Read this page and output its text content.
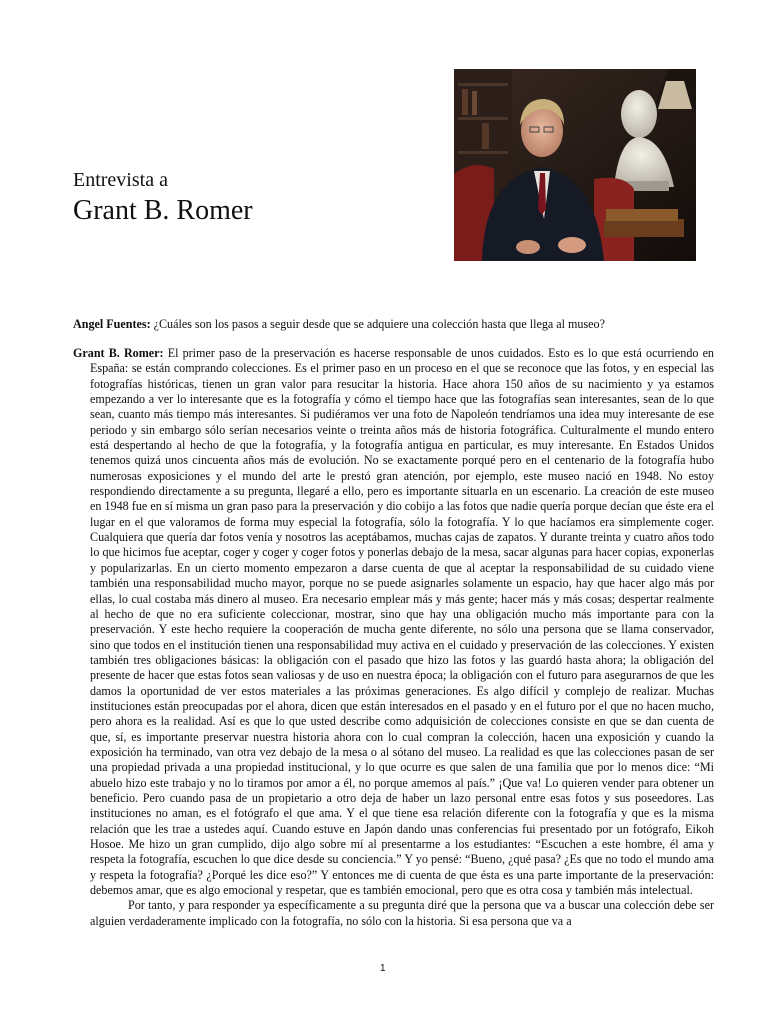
Entrevista a
Grant B. Romer

Angel Fuentes: ¿Cuáles son los pasos a seguir desde que se adquiere una colección hasta que llega al museo?

Grant B. Romer: El primer paso de la preservación es hacerse responsable de unos cuidados. Esto es lo que está ocurriendo en España: se están comprando colecciones. Es el primer paso en un proceso en el que se reconoce que las fotos, y en especial las fotografías históricas, tienen un gran valor para resucitar la historia. Hace ahora 150 años de su nacimiento y ya estamos empezando a ver lo interesante que es la fotografía y cómo el tiempo hace que las fotografías sean interesantes, sean de lo que sean, cuanto más tiempo más interesantes. Si pudiéramos ver una foto de Napoleón tendríamos una idea muy interesante de ese periodo y sin embargo sólo serían necesarios veinte o treinta años más de historia fotográfica. Culturalmente el mundo entero está despertando al hecho de que la fotografía, y la fotografía antigua en particular, es muy interesante. En Estados Unidos tenemos quizá unos cincuenta años más de evolución. No se exactamente porqué pero en el centenario de la fotografía hubo numerosas exposiciones y el mundo del arte le prestó gran atención, por ejemplo, este museo nació en 1948. No estoy respondiendo directamente a su pregunta, llegaré a ello, pero es importante situarla en un escenario. La creación de este museo en 1948 fue en sí misma un gran paso para la preservación y dio cobijo a las fotos que nadie quería porque decían que éste era el lugar en el que valoramos de forma muy especial la fotografía, sólo la fotografía. Y lo que hacíamos era simplemente coger. Cualquiera que quería dar fotos venía y nosotros las aceptábamos, muchas cajas de zapatos. Y durante treinta y cuatro años todo lo que hicimos fue aceptar, coger y coger y coger fotos y ponerlas debajo de la mesa, sacar algunas para hacer copias, exponerlas y popularizarlas. En un cierto momento empezaron a darse cuenta de que al aceptar la responsabilidad de su cuidado viene también una responsabilidad mucho mayor, porque no se puede asignarles solamente un espacio, hay que hacer algo más por ellas, lo cual costaba más dinero al museo. Era necesario emplear más y más gente; hacer más y más cosas; despertar realmente al hecho de que no era suficiente coleccionar, mostrar, sino que hay una obligación mucho más importante para con la preservación. Y este hecho requiere la cooperación de mucha gente diferente, no sólo una persona que se llama conservador, sino que todos en el institución tienen una responsabilidad muy activa en el cuidado y preservación de las colecciones. Y existen también tres obligaciones básicas: la obligación con el pasado que hizo las fotos y las guardó hasta ahora; la obligación del presente de hacer que estas fotos sean valiosas y de uso en nuestra época; la obligación con el futuro para asegurarnos de que les damos la oportunidad de ver estos materiales a las próximas generaciones. Es algo difícil y complejo de realizar. Muchas instituciones están preocupadas por el ahora, dicen que están interesados en el pasado y en el futuro por el que no hacen mucho, pero ahora es la realidad. Así es que lo que usted describe como adquisición de colecciones consiste en que se dan cuenta de que, sí, es importante preservar nuestra historia ahora con lo cual compran la colección, hacen una exposición y cuando la exposición ha terminado, van otra vez debajo de la mesa o al sótano del museo. La realidad es que las colecciones pasan de ser una propiedad privada a una propiedad institucional, y lo que ocurre es que salen de una familia que por lo menos dice: “Mi abuelo hizo este trabajo y no lo tiramos por amor a él, no porque amemos al país.” ¡Que va! Lo quieren vender para obtener un beneficio. Pero cuando pasa de un propietario a otro deja de haber un lazo personal entre esas fotos y sus poseedores. Las instituciones no aman, es el fotógrafo el que ama. Y el que tiene esa relación diferente con la fotografía y que es la misma relación que les trae a ustedes aquí. Cuando estuve en Japón dando unas conferencias fui presentado por un fotógrafo, Eikoh Hosoe. Me hizo un gran cumplido, dijo algo sobre mí al presentarme a los estudiantes: “Escuchen a este hombre, él ama y respeta la fotografía, escuchen lo que dice desde su conciencia.” Y yo pensé: “Bueno, ¿qué pasa? ¿Es que no todo el mundo ama y respeta la fotografía? ¿Porqué les dice eso?” Y entonces me di cuenta de que ésta es una parte importante de la preservación: debemos amar, que es algo emocional y respetar, que es también emocional, pero que es otra cosa y también más intelectual.

Por tanto, y para responder ya específicamente a su pregunta diré que la persona que va a buscar una colección debe ser alguien verdaderamente implicado con la fotografía, no sólo con la historia. Si esa persona que va a

1
